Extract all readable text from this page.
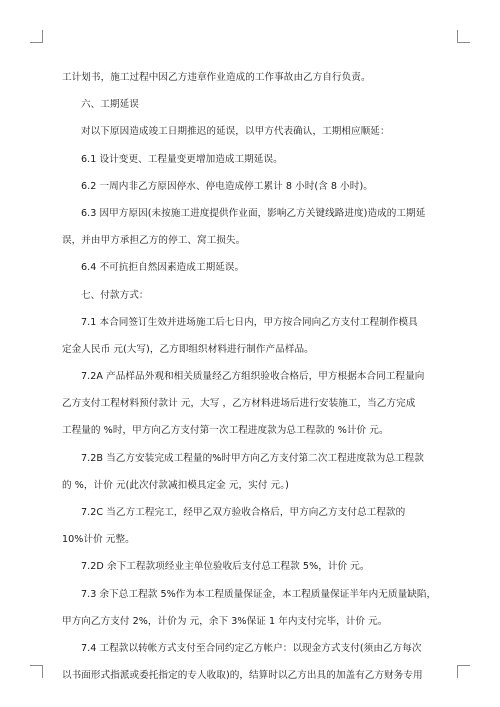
工计划书，施工过程中因乙方违章作业造成的工作事故由乙方自行负责。
六、工期延误
对以下原因造成竣工日期推迟的延误，以甲方代表确认，工期相应顺延：
6.1 设计变更、工程量变更增加造成工期延误。
6.2 一周内非乙方原因停水、停电造成停工累计 8 小时(含 8 小时)。
6.3 因甲方原因(未按施工进度提供作业面，影响乙方关键线路进度)造成的工期延
误，并由甲方承担乙方的停工、窝工损失。
6.4 不可抗拒自然因素造成工期延误。
七、付款方式：
7.1 本合同签订生效并进场施工后七日内，甲方按合同向乙方支付工程制作模具
定金人民币 元(大写)，乙方即组织材料进行制作产品样品。
7.2A 产品样品外观和相关质量经乙方组织验收合格后，甲方根据本合同工程量向
乙方支付工程材料预付款计 元，大写 ，乙方材料进场后进行安装施工，当乙方完成
工程量的 %时，甲方向乙方支付第一次工程进度款为总工程款的 %计价 元。
7.2B 当乙方安装完成工程量的%时甲方向乙方支付第二次工程进度款为总工程款
的 %，计价 元(此次付款减扣模具定金 元，实付 元。)
7.2C 当乙方工程完工，经甲乙双方验收合格后，甲方向乙方支付总工程款的
10%计价 元整。
7.2D 余下工程款项经业主单位验收后支付总工程款 5%，计价 元。
7.3 余下总工程款 5%作为本工程质量保证金，本工程质量保证半年内无质量缺陷，
甲方向乙方支付 2%，计价为 元，余下 3%保证 1 年内支付完毕，计价 元。
7.4 工程款以转帐方式支付至合同约定乙方帐户：以现金方式支付(须由乙方每次
以书面形式指派或委托指定的专人收取)的，结算时以乙方出具的加盖有乙方财务专用
